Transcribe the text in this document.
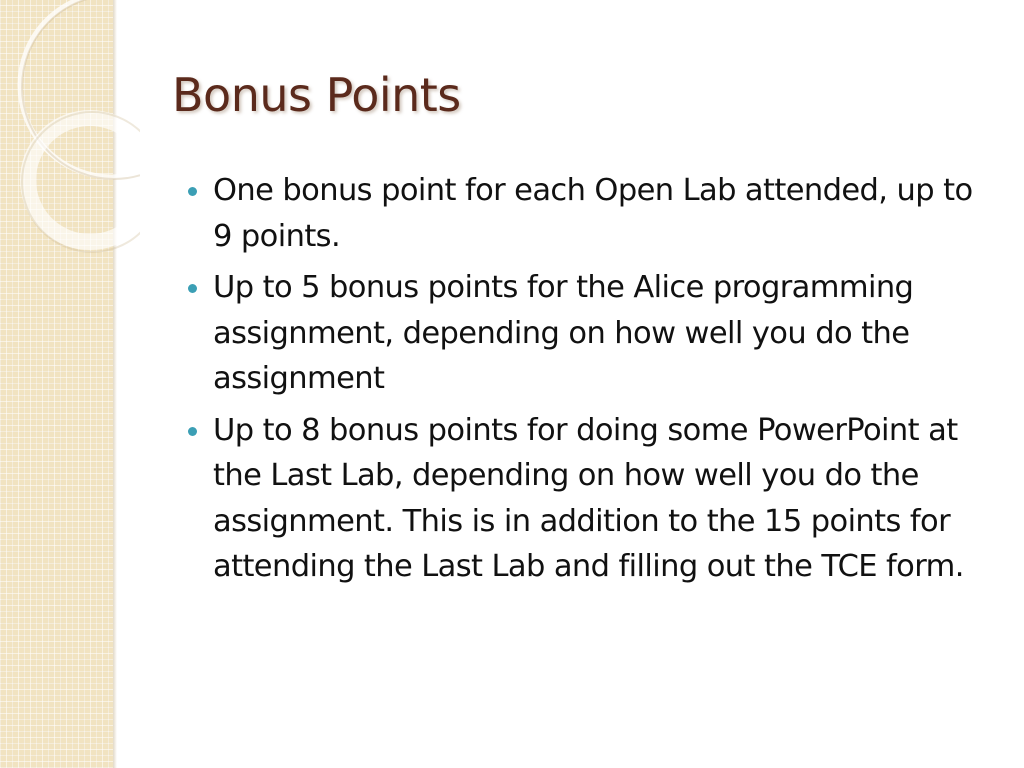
Bonus Points
One bonus point for each Open Lab attended, up to 9 points.
Up to 5 bonus points for the Alice programming assignment, depending on how well you do the assignment
Up to 8 bonus points for doing some PowerPoint at the Last Lab, depending on how well you do the assignment. This is in addition to the 15 points for attending the Last Lab and filling out the TCE form.
